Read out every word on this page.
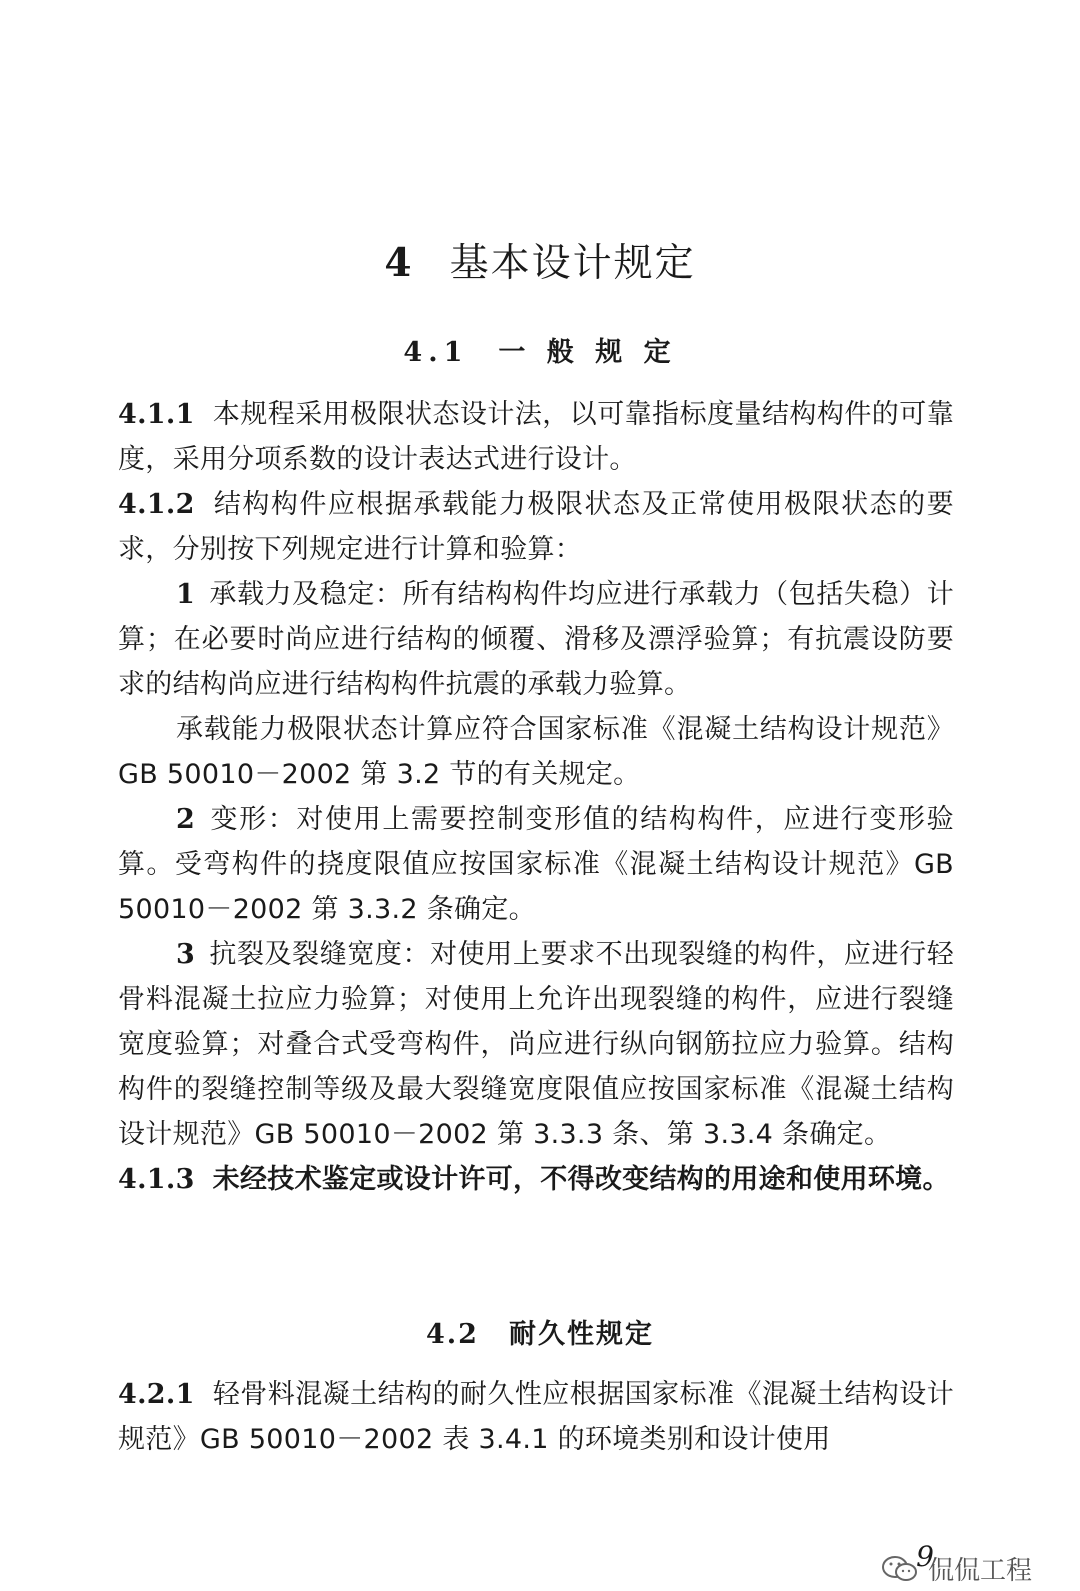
4 基本设计规定
4.1 一 般 规 定

4.1.1 本规程采用极限状态设计法，以可靠指标度量结构构件的可靠度，采用分项系数的设计表达式进行设计。

4.1.2 结构构件应根据承载能力极限状态及正常使用极限状态的要求，分别按下列规定进行计算和验算：

1 承载力及稳定：所有结构构件均应进行承载力（包括失稳）计算；在必要时尚应进行结构的倾覆、滑移及漂浮验算；有抗震设防要求的结构尚应进行结构构件抗震的承载力验算。

承载能力极限状态计算应符合国家标准《混凝土结构设计规范》GB 50010－2002 第 3.2 节的有关规定。

2 变形：对使用上需要控制变形值的结构构件，应进行变形验算。受弯构件的挠度限值应按国家标准《混凝土结构设计规范》GB 50010－2002 第 3.3.2 条确定。

3 抗裂及裂缝宽度：对使用上要求不出现裂缝的构件，应进行轻骨料混凝土拉应力验算；对使用上允许出现裂缝的构件，应进行裂缝宽度验算；对叠合式受弯构件，尚应进行纵向钢筋拉应力验算。结构构件的裂缝控制等级及最大裂缝宽度限值应按国家标准《混凝土结构设计规范》GB 50010－2002 第 3.3.3 条、第 3.3.4 条确定。

4.1.3 未经技术鉴定或设计许可，不得改变结构的用途和使用环境。

4.2 耐久性规定

4.2.1 轻骨料混凝土结构的耐久性应根据国家标准《混凝土结构设计规范》GB 50010－2002 表 3.4.1 的环境类别和设计使用

9
侃侃工程
